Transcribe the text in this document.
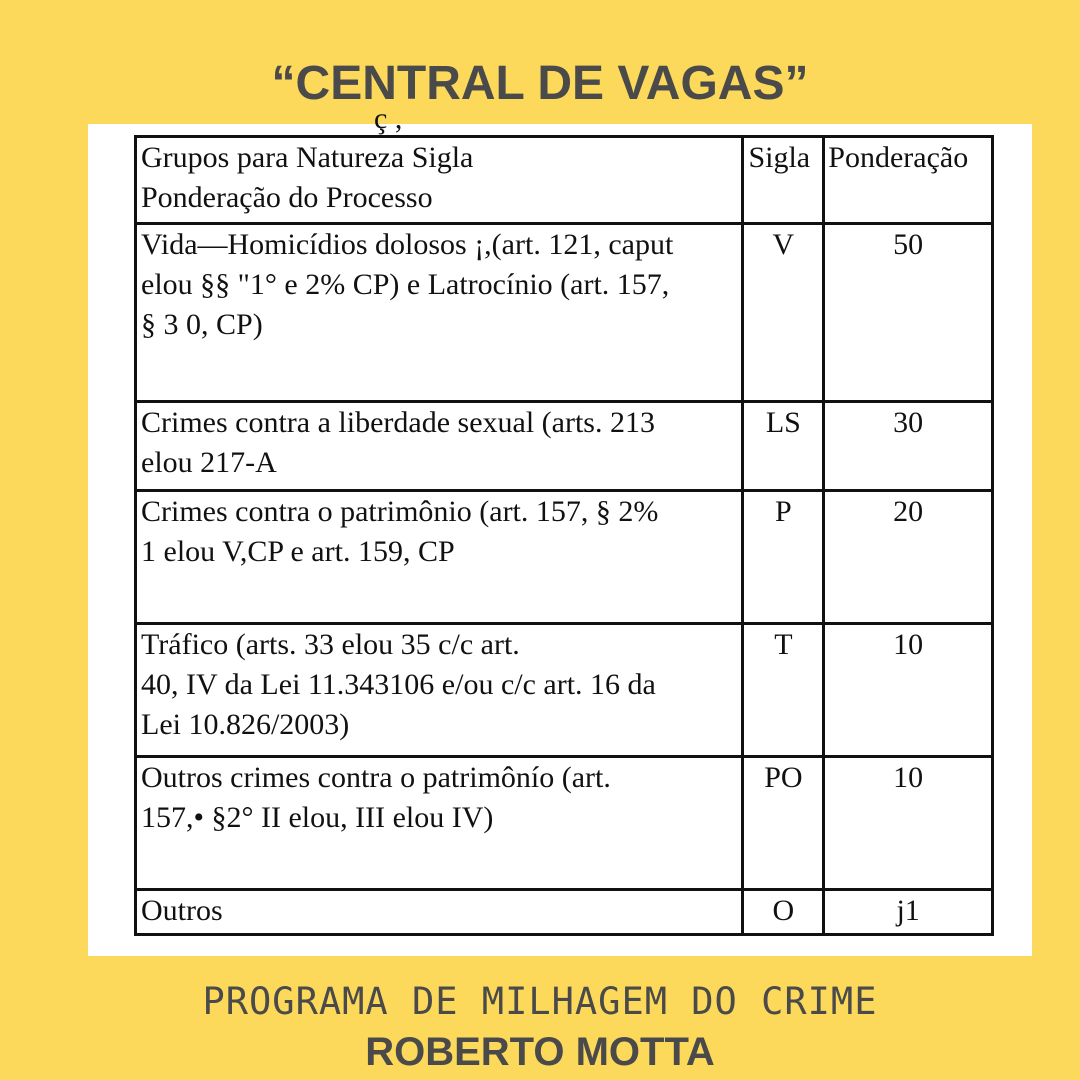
“CENTRAL DE VAGAS”
ç ,
Grupos para Natureza Sigla
Ponderação do Processo	Sigla	Ponderação

Vida—Homicídios dolosos ¡,(art. 121, caput
elou §§ "1° e 2% CP) e Latrocínio (art. 157,
§ 3 0, CP)	V	50

Crimes contra a liberdade sexual (arts. 213
elou 217-A	LS	30

Crimes contra o patrimônio (art. 157, § 2%
1 elou V,CP e art. 159, CP	P	20

Tráfico (arts. 33 elou 35 c/c art.
40, IV da Lei 11.343106 e/ou c/c art. 16 da
Lei 10.826/2003)	T	10

Outros crimes contra o patrimônío (art.
157,• §2° II elou, III elou IV)	PO	10

Outros	O	j1
PROGRAMA DE MILHAGEM DO CRIME
ROBERTO MOTTA
